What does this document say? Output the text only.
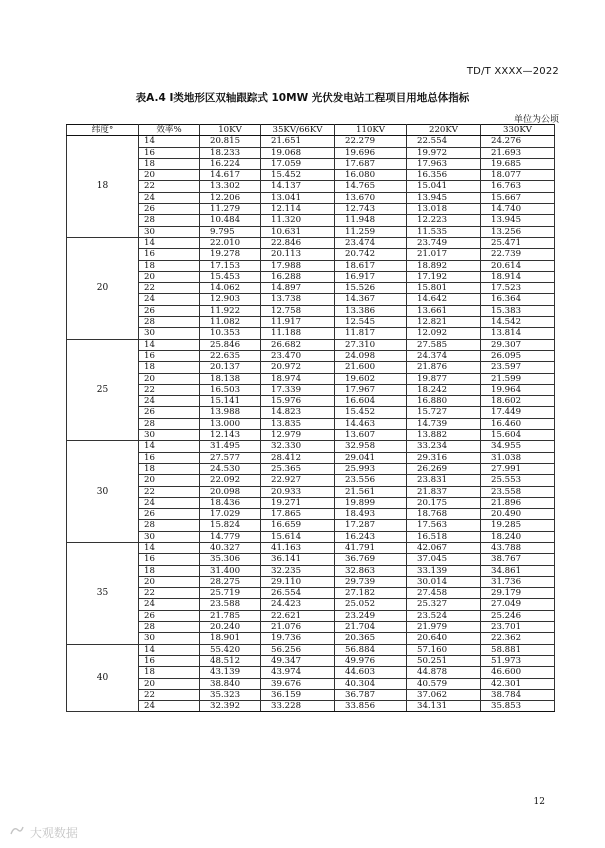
TD/T XXXX—2022
表A.4 Ⅰ类地形区双轴跟踪式 10MW 光伏发电站工程项目用地总体指标
单位为公顷
纬度°	效率%	10KV	35KV/66KV	110KV	220KV	330KV
18	14	20.815	21.651	22.279	22.554	24.276
	16	18.233	19.068	19.696	19.972	21.693
	18	16.224	17.059	17.687	17.963	19.685
	20	14.617	15.452	16.080	16.356	18.077
	22	13.302	14.137	14.765	15.041	16.763
	24	12.206	13.041	13.670	13.945	15.667
	26	11.279	12.114	12.743	13.018	14.740
	28	10.484	11.320	11.948	12.223	13.945
	30	9.795	10.631	11.259	11.535	13.256
20	14	22.010	22.846	23.474	23.749	25.471
	16	19.278	20.113	20.742	21.017	22.739
	18	17.153	17.988	18.617	18.892	20.614
	20	15.453	16.288	16.917	17.192	18.914
	22	14.062	14.897	15.526	15.801	17.523
	24	12.903	13.738	14.367	14.642	16.364
	26	11.922	12.758	13.386	13.661	15.383
	28	11.082	11.917	12.545	12.821	14.542
	30	10.353	11.188	11.817	12.092	13.814
25	14	25.846	26.682	27.310	27.585	29.307
	16	22.635	23.470	24.098	24.374	26.095
	18	20.137	20.972	21.600	21.876	23.597
	20	18.138	18.974	19.602	19.877	21.599
	22	16.503	17.339	17.967	18.242	19.964
	24	15.141	15.976	16.604	16.880	18.602
	26	13.988	14.823	15.452	15.727	17.449
	28	13.000	13.835	14.463	14.739	16.460
	30	12.143	12.979	13.607	13.882	15.604
30	14	31.495	32.330	32.958	33.234	34.955
	16	27.577	28.412	29.041	29.316	31.038
	18	24.530	25.365	25.993	26.269	27.991
	20	22.092	22.927	23.556	23.831	25.553
	22	20.098	20.933	21.561	21.837	23.558
	24	18.436	19.271	19.899	20.175	21.896
	26	17.029	17.865	18.493	18.768	20.490
	28	15.824	16.659	17.287	17.563	19.285
	30	14.779	15.614	16.243	16.518	18.240
35	14	40.327	41.163	41.791	42.067	43.788
	16	35.306	36.141	36.769	37.045	38.767
	18	31.400	32.235	32.863	33.139	34.861
	20	28.275	29.110	29.739	30.014	31.736
	22	25.719	26.554	27.182	27.458	29.179
	24	23.588	24.423	25.052	25.327	27.049
	26	21.785	22.621	23.249	23.524	25.246
	28	20.240	21.076	21.704	21.979	23.701
	30	18.901	19.736	20.365	20.640	22.362
40	14	55.420	56.256	56.884	57.160	58.881
	16	48.512	49.347	49.976	50.251	51.973
	18	43.139	43.974	44.603	44.878	46.600
	20	38.840	39.676	40.304	40.579	42.301
	22	35.323	36.159	36.787	37.062	38.784
	24	32.392	33.228	33.856	34.131	35.853
12
大观数据
